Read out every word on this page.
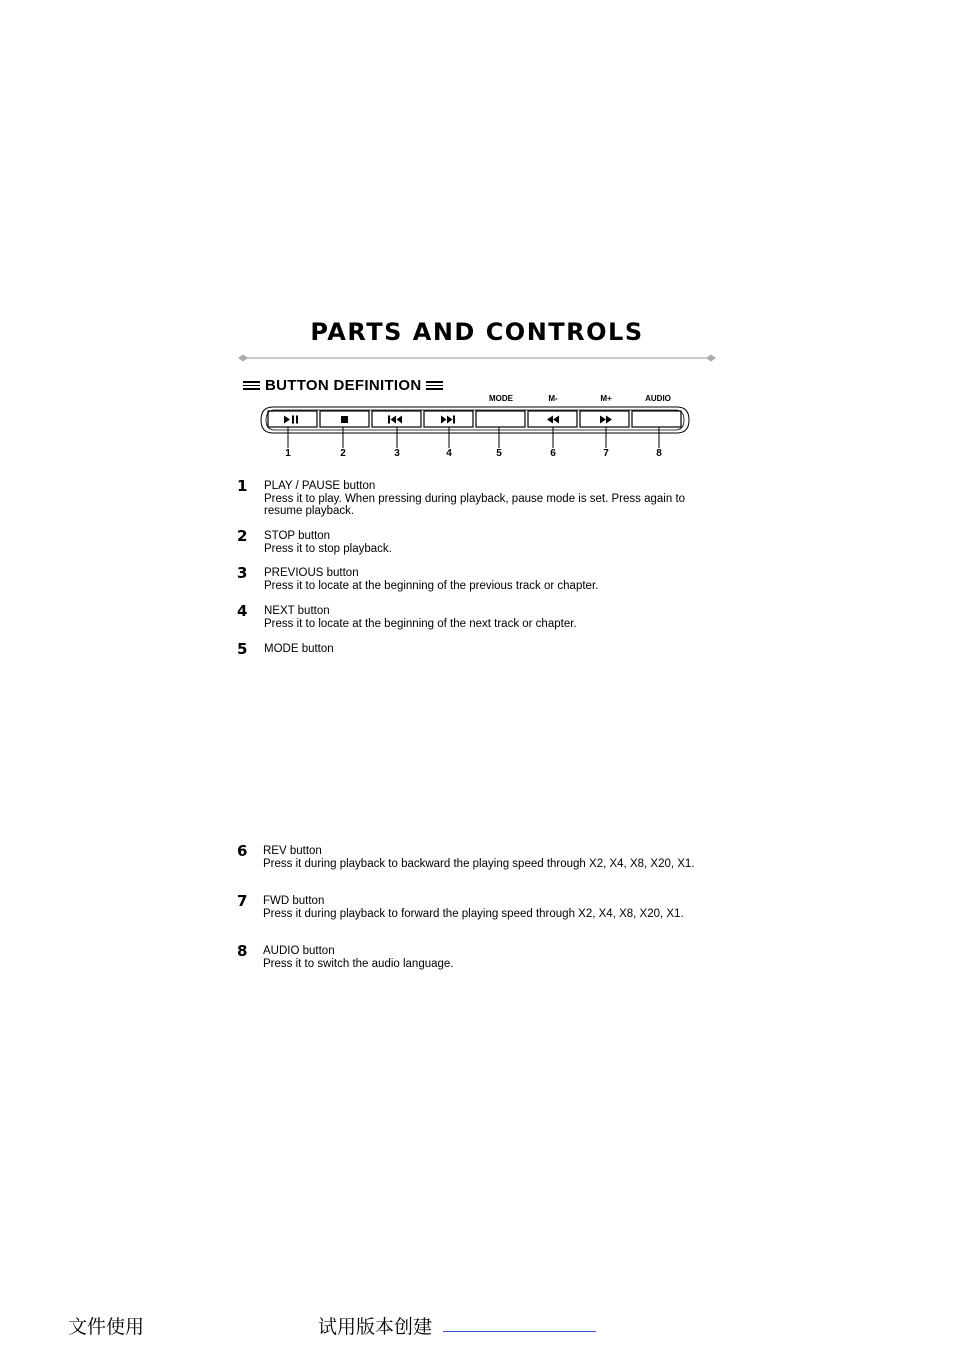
PARTS AND CONTROLS
BUTTON DEFINITION
MODE	M-	M+	AUDIO
1	2	3	4	5	6	7	8
1 PLAY / PAUSE button
Press it to play. When pressing during playback, pause mode is set. Press again to resume playback.
2 STOP button
Press it to stop playback.
3 PREVIOUS button
Press it to locate at the beginning of the previous track or chapter.
4 NEXT button
Press it to locate at the beginning of the next track or chapter.
5 MODE button
6 REV button
Press it during playback to backward the playing speed through X2, X4, X8, X20, X1.
7 FWD button
Press it during playback to forward the playing speed through X2, X4, X8, X20, X1.
8 AUDIO button
Press it to switch the audio language.
文件使用	试用版本创建
